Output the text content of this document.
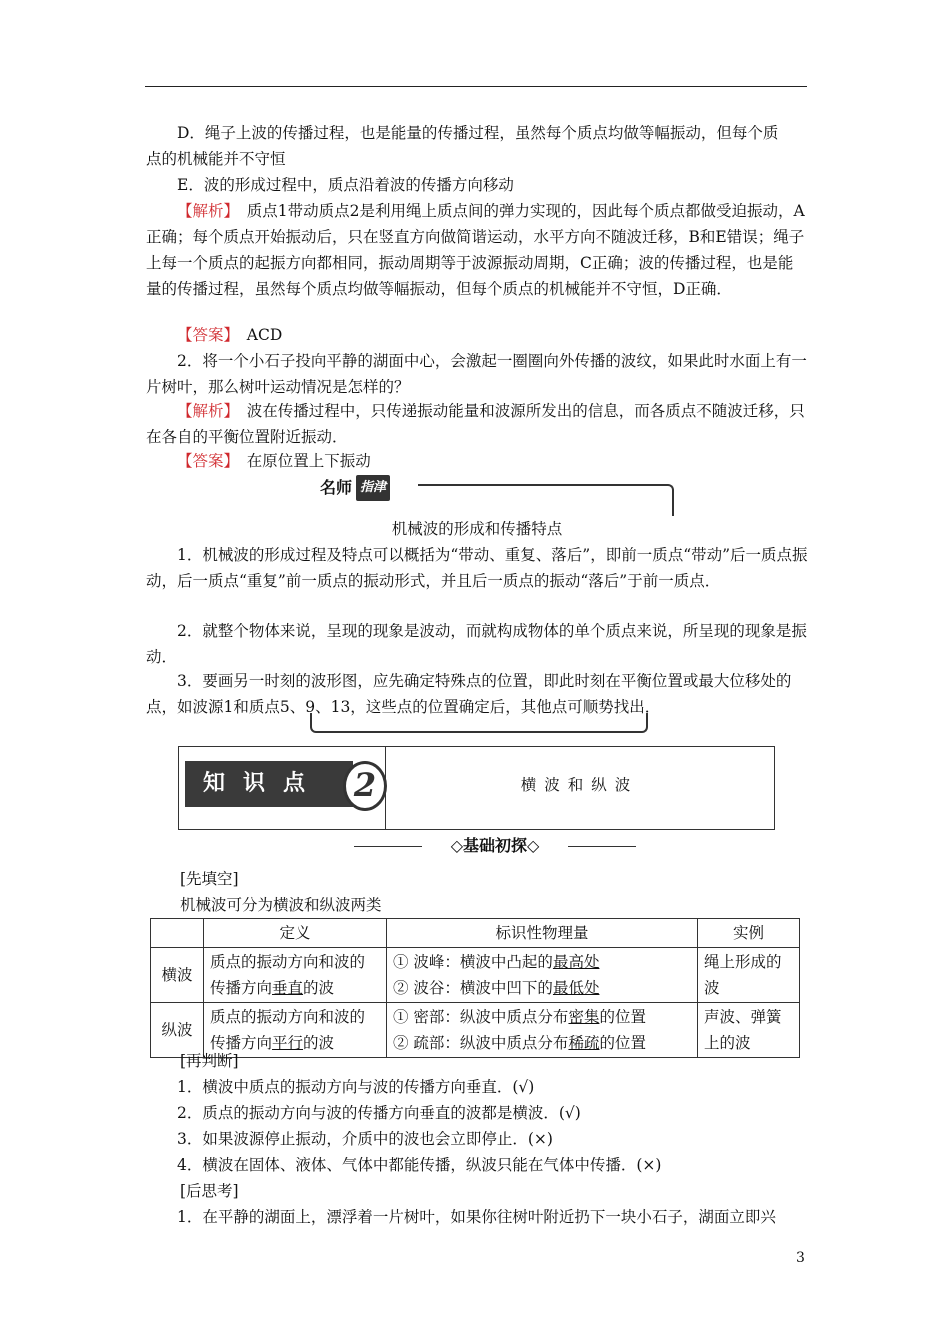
D．绳子上波的传播过程，也是能量的传播过程，虽然每个质点均做等幅振动，但每个质

点的机械能并不守恒

E．波的形成过程中，质点沿着波的传播方向移动

【解析】　质点1带动质点2是利用绳上质点间的弹力实现的，因此每个质点都做受迫振动，A正确；每个质点开始振动后，只在竖直方向做简谐运动，水平方向不随波迁移，B和E错误；绳子上每一个质点的起振方向都相同，振动周期等于波源振动周期，C正确；波的传播过程，也是能量的传播过程，虽然每个质点均做等幅振动，但每个质点的机械能并不守恒，D正确．

【答案】　ACD

2．将一个小石子投向平静的湖面中心，会激起一圈圈向外传播的波纹，如果此时水面上有一片树叶，那么树叶运动情况是怎样的？

【解析】　波在传播过程中，只传递振动能量和波源所发出的信息，而各质点不随波迁移，只在各自的平衡位置附近振动．

【答案】　在原位置上下振动

名师 指津

机械波的形成和传播特点

1．机械波的形成过程及特点可以概括为“带动、重复、落后”，即前一质点“带动”后一质点振动，后一质点“重复”前一质点的振动形式，并且后一质点的振动“落后”于前一质点．

2．就整个物体来说，呈现的现象是波动，而就构成物体的单个质点来说，所呈现的现象是振动．

3．要画另一时刻的波形图，应先确定特殊点的位置，即此时刻在平衡位置或最大位移处的点，如波源1和质点5、9、13，这些点的位置确定后，其他点可顺势找出．

知识点 2	横波和纵波
◇基础初探◇

[先填空]

机械波可分为横波和纵波两类

	定义	标识性物理量	实例
横波	质点的振动方向和波的传播方向垂直的波	① 波峰：横波中凸起的最高处
② 波谷：横波中凹下的最低处	绳上形成的波
纵波	质点的振动方向和波的传播方向平行的波	① 密部：纵波中质点分布密集的位置
② 疏部：纵波中质点分布稀疏的位置	声波、弹簧上的波

[再判断]

1．横波中质点的振动方向与波的传播方向垂直．(√)

2．质点的振动方向与波的传播方向垂直的波都是横波．(√)

3．如果波源停止振动，介质中的波也会立即停止．(×)

4．横波在固体、液体、气体中都能传播，纵波只能在气体中传播．(×)

[后思考]

1．在平静的湖面上，漂浮着一片树叶，如果你往树叶附近扔下一块小石子，湖面立即兴

3
